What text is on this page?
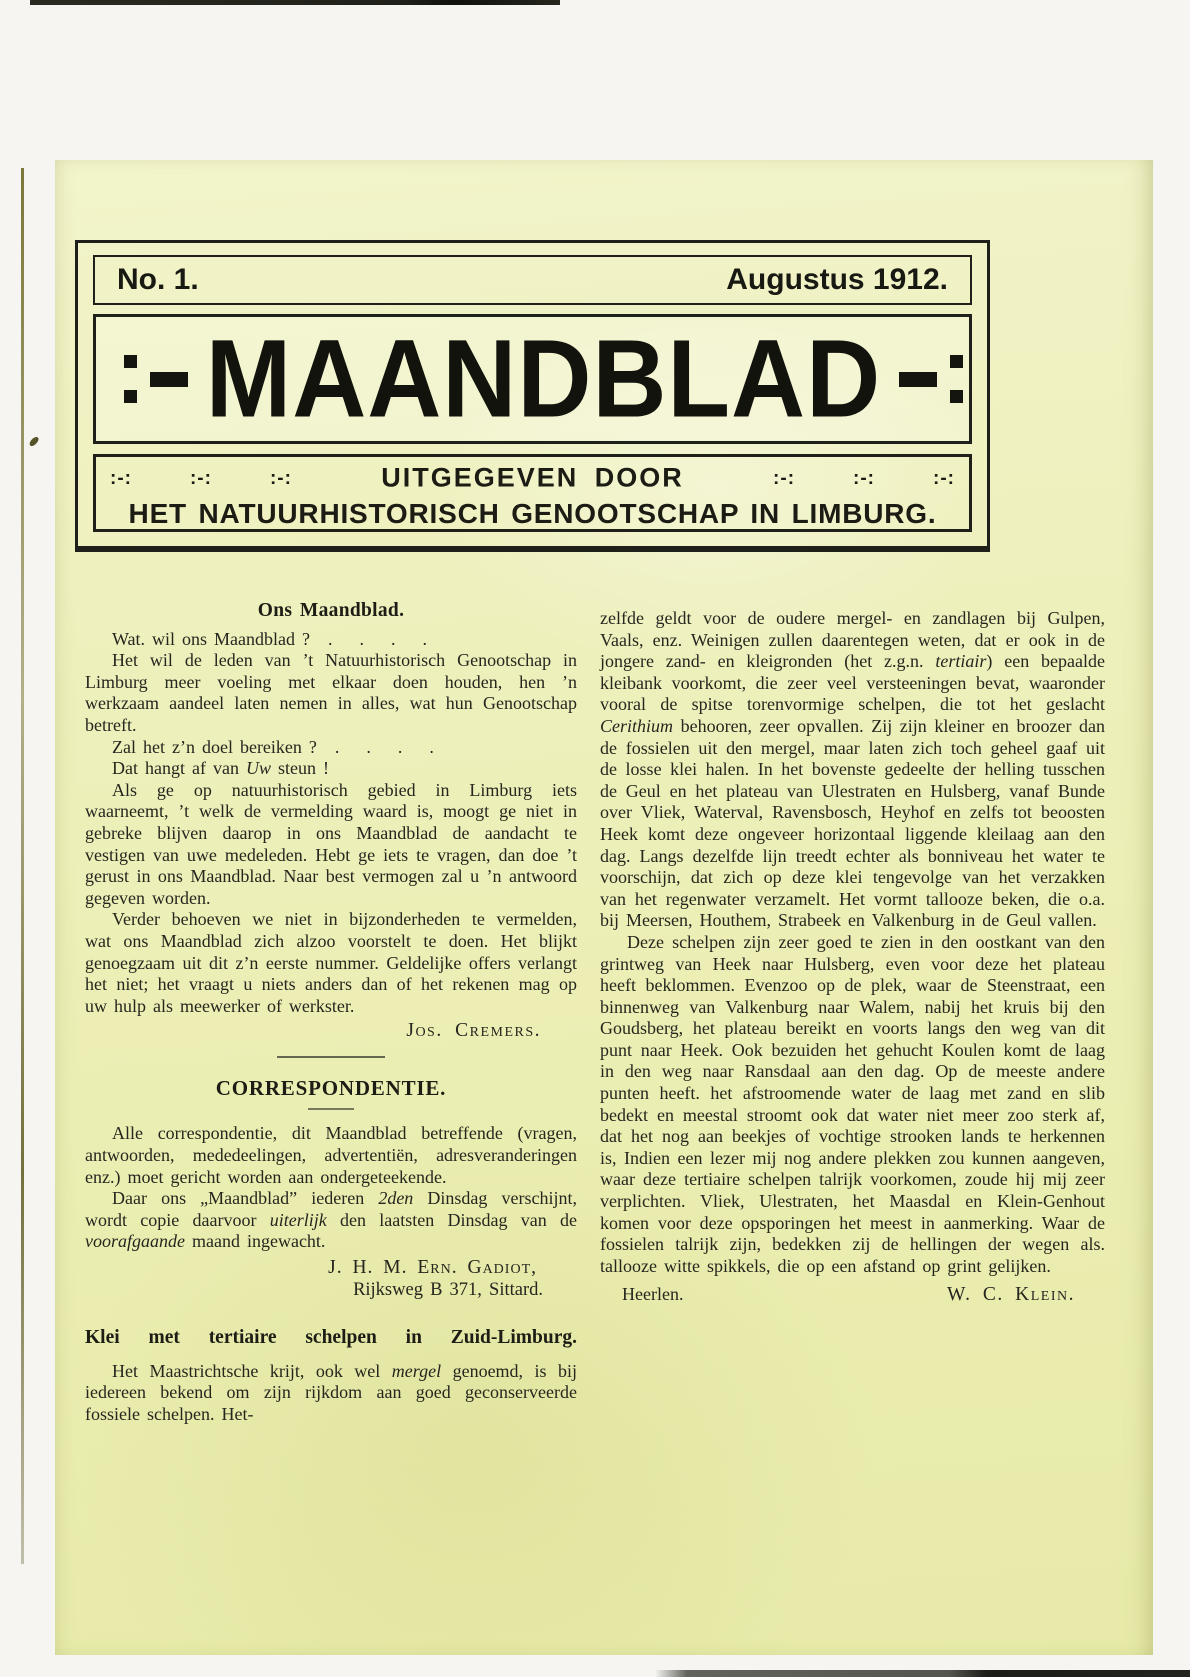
No. 1.	Augustus 1912.
MAANDBLAD
:-:	:-:	:-:	UITGEGEVEN DOOR	:-:	:-:	:-:
HET NATUURHISTORISCH GENOOTSCHAP IN LIMBURG.
Ons Maandblad.

Wat. wil ons Maandblad ? .  .  .  .

Het wil de leden van ’t Natuurhistorisch Genootschap in Limburg meer voeling met elkaar doen houden, hen ’n werkzaam aandeel laten nemen in alles, wat hun Genootschap betreft.

Zal het z’n doel bereiken ? .  .  .  .

Dat hangt af van Uw steun !

Als ge op natuurhistorisch gebied in Limburg iets waarneemt, ’t welk de vermelding waard is, moogt ge niet in gebreke blijven daarop in ons Maandblad de aandacht te vestigen van uwe medeleden. Hebt ge iets te vragen, dan doe ’t gerust in ons Maandblad. Naar best vermogen zal u ’n antwoord gegeven worden.

Verder behoeven we niet in bijzonderheden te vermelden, wat ons Maandblad zich alzoo voorstelt te doen. Het blijkt genoegzaam uit dit z’n eerste nummer. Geldelijke offers verlangt het niet; het vraagt u niets anders dan of het rekenen mag op uw hulp als meewerker of werkster.

Jos. Cremers.
CORRESPONDENTIE.

Alle correspondentie, dit Maandblad betreffende (vragen, antwoorden, mededeelingen, advertentiën, adresveranderingen enz.) moet gericht worden aan ondergeteekende.

Daar ons „Maandblad” iederen 2den Dinsdag verschijnt, wordt copie daarvoor uiterlijk den laatsten Dinsdag van de voorafgaande maand ingewacht.

J. H. M. Ern. Gadiot,
Rijksweg B 371, Sittard.
Klei met tertiaire schelpen in Zuid-Limburg.

Het Maastrichtsche krijt, ook wel mergel genoemd, is bij iedereen bekend om zijn rijkdom aan goed geconserveerde fossiele schelpen. Het-

zelfde geldt voor de oudere mergel- en zandlagen bij Gulpen, Vaals, enz. Weinigen zullen daarentegen weten, dat er ook in de jongere zand- en kleigronden (het z.g.n. tertiair) een bepaalde kleibank voorkomt, die zeer veel versteeningen bevat, waaronder vooral de spitse torenvormige schelpen, die tot het geslacht Cerithium behooren, zeer opvallen. Zij zijn kleiner en broozer dan de fossielen uit den mergel, maar laten zich toch geheel gaaf uit de losse klei halen. In het bovenste gedeelte der helling tusschen de Geul en het plateau van Ulestraten en Hulsberg, vanaf Bunde over Vliek, Waterval, Ravensbosch, Heyhof en zelfs tot beoosten Heek komt deze ongeveer horizontaal liggende kleilaag aan den dag. Langs dezelfde lijn treedt echter als bonniveau het water te voorschijn, dat zich op deze klei tengevolge van het verzakken van het regenwater verzamelt. Het vormt tallooze beken, die o.a. bij Meersen, Houthem, Strabeek en Valkenburg in de Geul vallen.

Deze schelpen zijn zeer goed te zien in den oostkant van den grintweg van Heek naar Hulsberg, even voor deze het plateau heeft beklommen. Evenzoo op de plek, waar de Steenstraat, een binnenweg van Valkenburg naar Walem, nabij het kruis bij den Goudsberg, het plateau bereikt en voorts langs den weg van dit punt naar Heek. Ook bezuiden het gehucht Koulen komt de laag in den weg naar Ransdaal aan den dag. Op de meeste andere punten heeft. het afstroomende water de laag met zand en slib bedekt en meestal stroomt ook dat water niet meer zoo sterk af, dat het nog aan beekjes of vochtige strooken lands te herkennen is, Indien een lezer mij nog andere plekken zou kunnen aangeven, waar deze tertiaire schelpen talrijk voorkomen, zoude hij mij zeer verplichten. Vliek, Ulestraten, het Maasdal en Klein-Genhout komen voor deze opsporingen het meest in aanmerking. Waar de fossielen talrijk zijn, bedekken zij de hellingen der wegen als. tallooze witte spikkels, die op een afstand op grint gelijken.

Heerlen.	W. C. Klein.
